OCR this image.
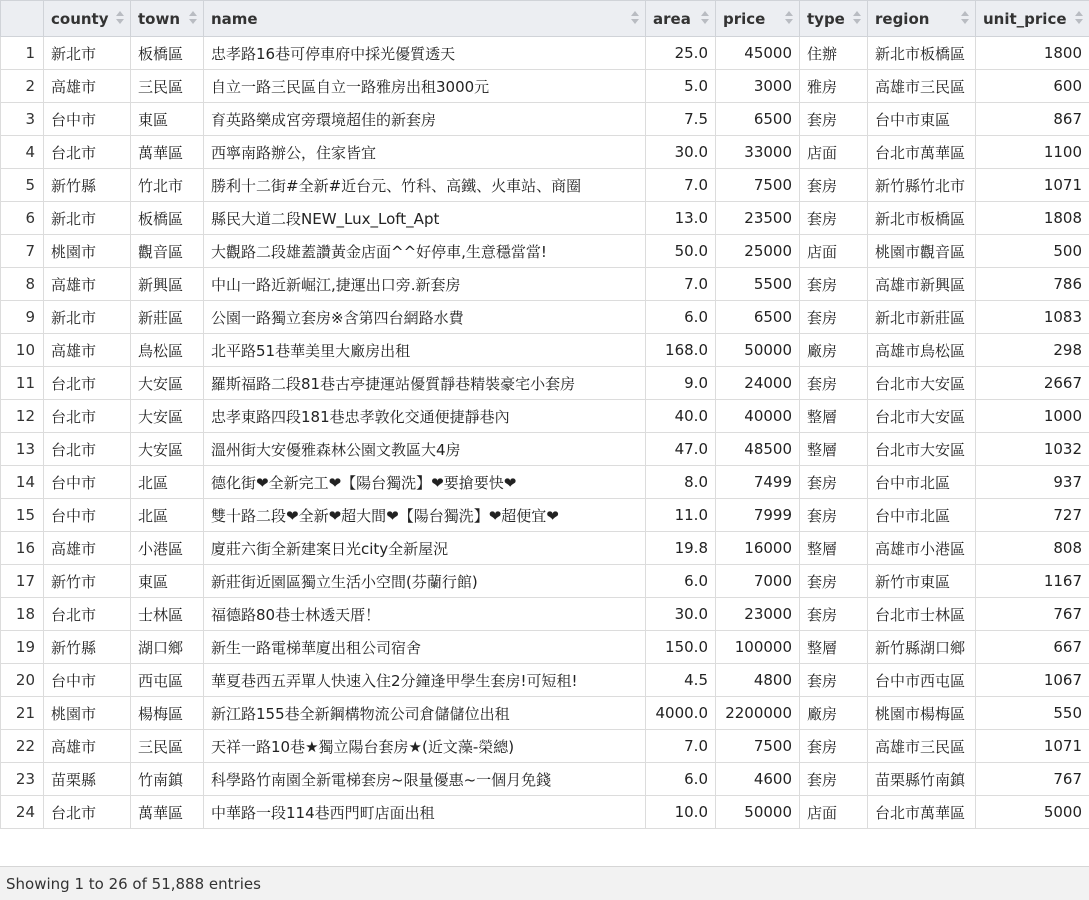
	county	town	name	area	price	type	region	unit_price

1	新北市	板橋區	忠孝路16巷可停車府中採光優質透天	25.0	45000	住辦	新北市板橋區	1800
2	高雄市	三民區	自立一路三民區自立一路雅房出租3000元	5.0	3000	雅房	高雄市三民區	600
3	台中市	東區	育英路樂成宮旁環境超佳的新套房	7.5	6500	套房	台中市東區	867
4	台北市	萬華區	西寧南路辦公，住家皆宜	30.0	33000	店面	台北市萬華區	1100
5	新竹縣	竹北市	勝利十二街#全新#近台元、竹科、高鐵、火車站、商圈	7.0	7500	套房	新竹縣竹北市	1071
6	新北市	板橋區	縣民大道二段NEW_Lux_Loft_Apt	13.0	23500	套房	新北市板橋區	1808
7	桃園市	觀音區	大觀路二段雄蓋讚黃金店面^^好停車,生意穩當當!	50.0	25000	店面	桃園市觀音區	500
8	高雄市	新興區	中山一路近新崛江,捷運出口旁.新套房	7.0	5500	套房	高雄市新興區	786
9	新北市	新莊區	公園一路獨立套房※含第四台網路水費	6.0	6500	套房	新北市新莊區	1083
10	高雄市	鳥松區	北平路51巷華美里大廠房出租	168.0	50000	廠房	高雄市鳥松區	298
11	台北市	大安區	羅斯福路二段81巷古亭捷運站優質靜巷精裝豪宅小套房	9.0	24000	套房	台北市大安區	2667
12	台北市	大安區	忠孝東路四段181巷忠孝敦化交通便捷靜巷內	40.0	40000	整層	台北市大安區	1000
13	台北市	大安區	溫州街大安優雅森林公園文教區大4房	47.0	48500	整層	台北市大安區	1032
14	台中市	北區	德化街❤全新完工❤【陽台獨洗】❤要搶要快❤	8.0	7499	套房	台中市北區	937
15	台中市	北區	雙十路二段❤全新❤超大間❤【陽台獨洗】❤超便宜❤	11.0	7999	套房	台中市北區	727
16	高雄市	小港區	廈莊六街全新建案日光city全新屋況	19.8	16000	整層	高雄市小港區	808
17	新竹市	東區	新莊街近園區獨立生活小空間(芬蘭行館)	6.0	7000	套房	新竹市東區	1167
18	台北市	士林區	福德路80巷士林透天厝！	30.0	23000	套房	台北市士林區	767
19	新竹縣	湖口鄉	新生一路電梯華廈出租公司宿舍	150.0	100000	整層	新竹縣湖口鄉	667
20	台中市	西屯區	華夏巷西五弄單人快速入住2分鐘逢甲學生套房!可短租!	4.5	4800	套房	台中市西屯區	1067
21	桃園市	楊梅區	新江路155巷全新鋼構物流公司倉儲儲位出租	4000.0	2200000	廠房	桃園市楊梅區	550
22	高雄市	三民區	天祥一路10巷★獨立陽台套房★(近文藻-榮總)	7.0	7500	套房	高雄市三民區	1071
23	苗栗縣	竹南鎮	科學路竹南園全新電梯套房~限量優惠~一個月免錢	6.0	4600	套房	苗栗縣竹南鎮	767
24	台北市	萬華區	中華路一段114巷西門町店面出租	10.0	50000	店面	台北市萬華區	5000
Showing 1 to 26 of 51,888 entries
